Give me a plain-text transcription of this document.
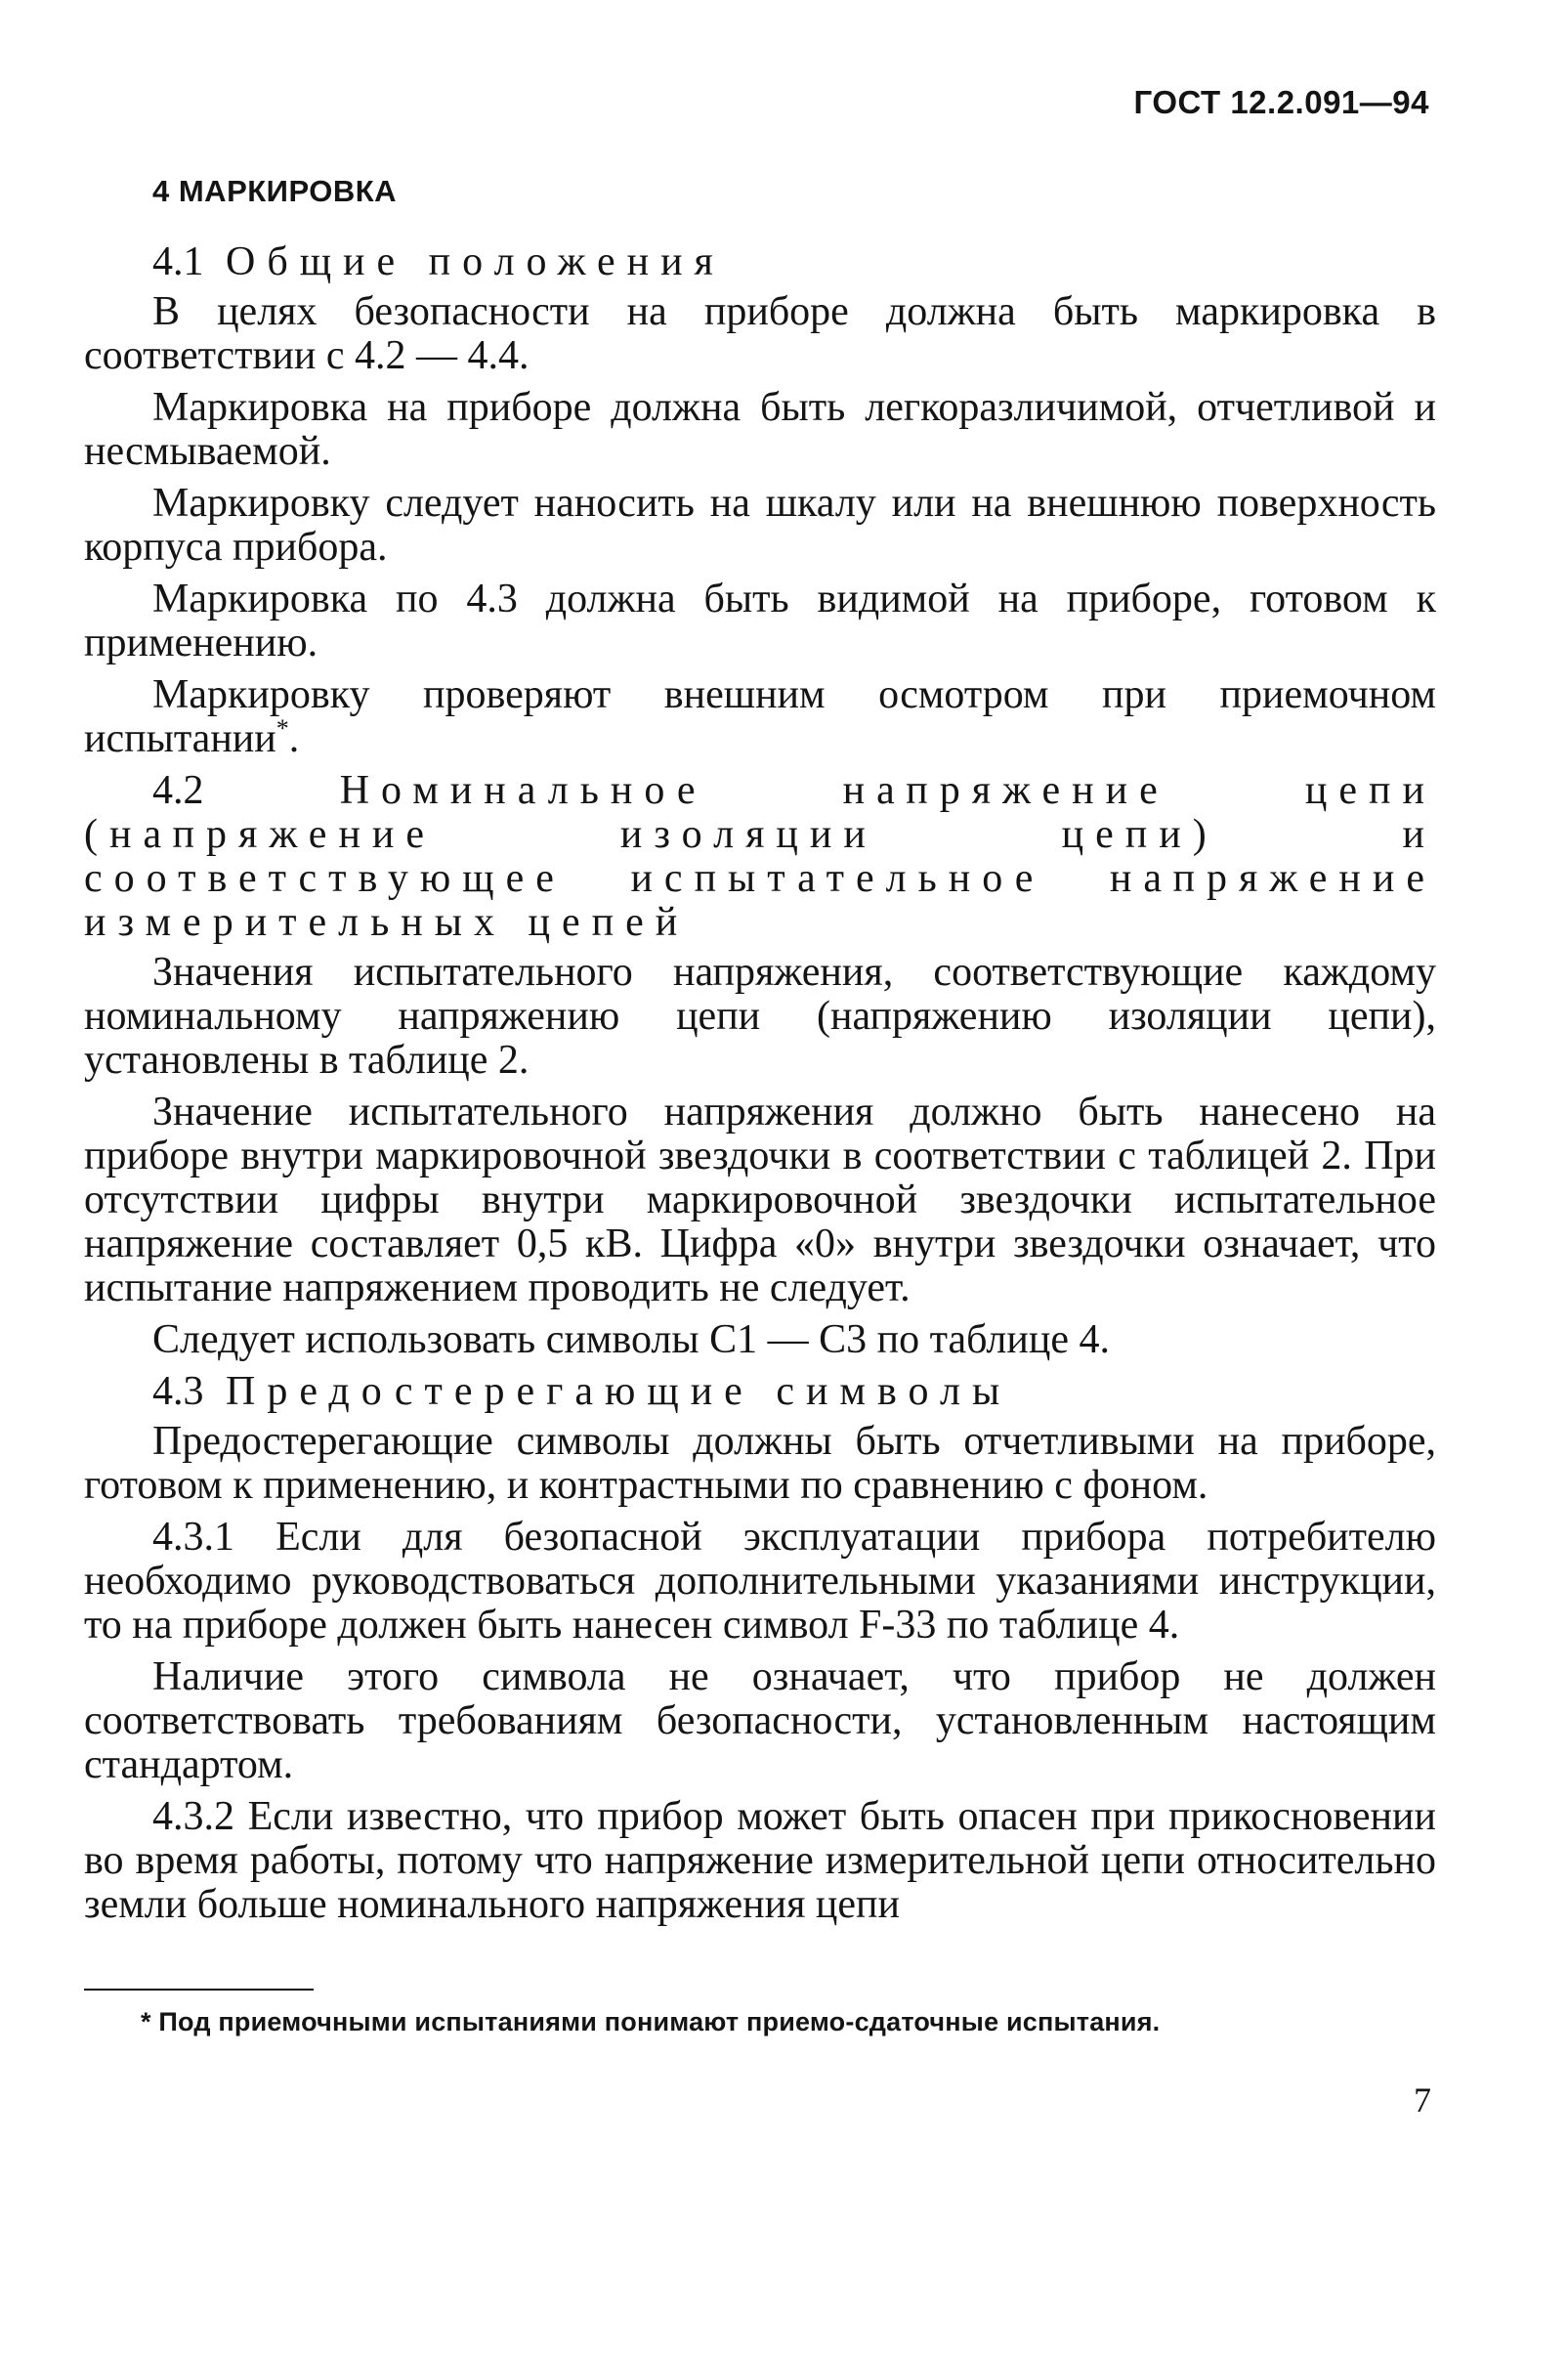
ГОСТ 12.2.091—94
4 МАРКИРОВКА
4.1 Общие положения
В целях безопасности на приборе должна быть маркировка в соответствии с 4.2 — 4.4.
Маркировка на приборе должна быть легкоразличимой, отчетливой и несмываемой.
Маркировку следует наносить на шкалу или на внешнюю поверхность корпуса прибора.
Маркировка по 4.3 должна быть видимой на приборе, готовом к применению.
Маркировку проверяют внешним осмотром при приемочном испытании*.
4.2	Номинальное напряжение цепи (напряжение изоляции цепи) и соответствующее испытательное напряжение измерительных цепей
Значения испытательного напряжения, соответствующие каждому номинальному напряжению цепи (напряжению изоляции цепи), установлены в таблице 2.
Значение испытательного напряжения должно быть нанесено на приборе внутри маркировочной звездочки в соответствии с таблицей 2. При отсутствии цифры внутри маркировочной звездочки испытательное напряжение составляет 0,5 кВ. Цифра «0» внутри звездочки означает, что испытание напряжением проводить не следует.
Следует использовать символы С1 — С3 по таблице 4.
4.3 Предостерегающие символы
Предостерегающие символы должны быть отчетливыми на приборе, готовом к применению, и контрастными по сравнению с фоном.
4.3.1 Если для безопасной эксплуатации прибора потребителю необходимо руководствоваться дополнительными указаниями инструкции, то на приборе должен быть нанесен символ F-33 по таблице 4.
Наличие этого символа не означает, что прибор не должен соответствовать требованиям безопасности, установленным настоящим стандартом.
4.3.2 Если известно, что прибор может быть опасен при прикосновении во время работы, потому что напряжение измерительной цепи относительно земли больше номинального напряжения цепи
* Под приемочными испытаниями понимают приемо-сдаточные испытания.
7
